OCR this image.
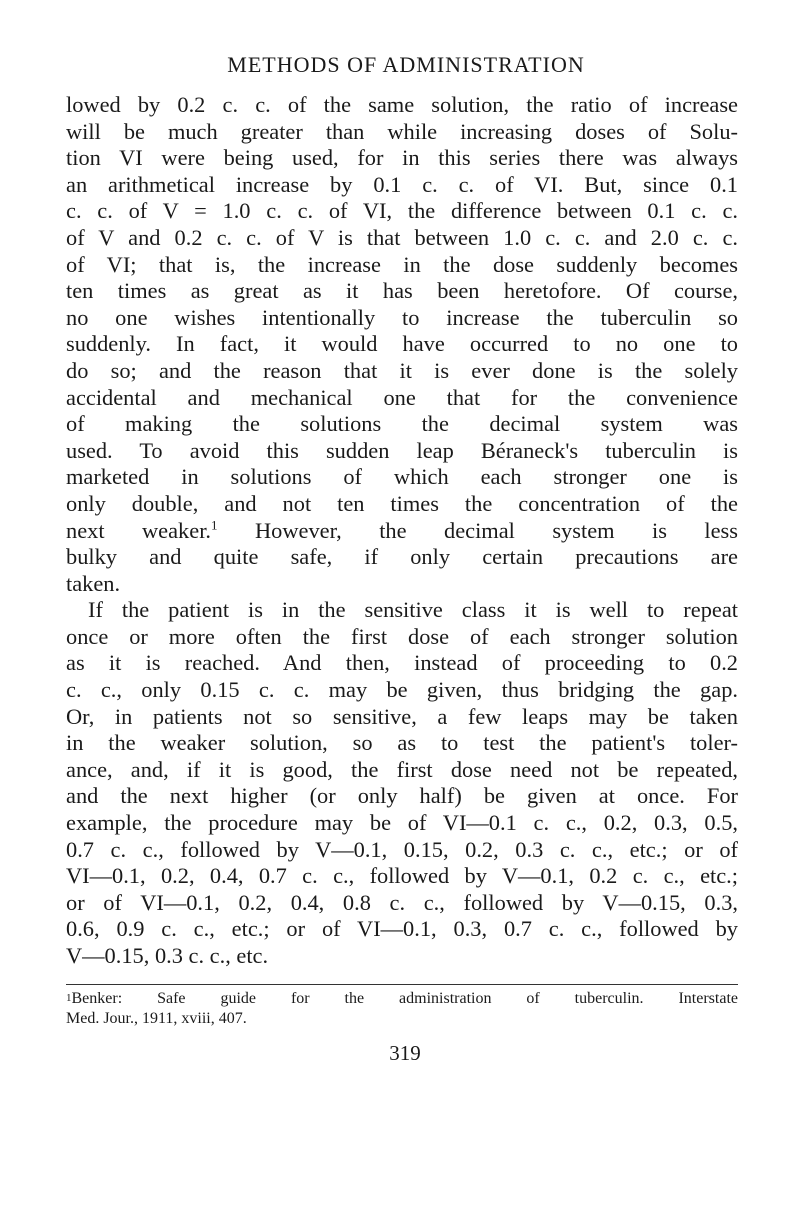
METHODS OF ADMINISTRATION

lowed by 0.2 c. c. of the same solution, the ratio of increase
will be much greater than while increasing doses of Solu-
tion VI were being used, for in this series there was always
an arithmetical increase by 0.1 c. c. of VI. But, since 0.1
c. c. of V = 1.0 c. c. of VI, the difference between 0.1 c. c.
of V and 0.2 c. c. of V is that between 1.0 c. c. and 2.0 c. c.
of VI; that is, the increase in the dose suddenly becomes
ten times as great as it has been heretofore. Of course,
no one wishes intentionally to increase the tuberculin so
suddenly. In fact, it would have occurred to no one to
do so; and the reason that it is ever done is the solely
accidental and mechanical one that for the convenience
of making the solutions the decimal system was
used. To avoid this sudden leap Béraneck's tuberculin is
marketed in solutions of which each stronger one is
only double, and not ten times the concentration of the
next weaker.$^1$ However, the decimal system is less
bulky and quite safe, if only certain precautions are
taken.

If the patient is in the sensitive class it is well to repeat
once or more often the first dose of each stronger solution
as it is reached. And then, instead of proceeding to 0.2
c. c., only 0.15 c. c. may be given, thus bridging the gap.
Or, in patients not so sensitive, a few leaps may be taken
in the weaker solution, so as to test the patient's toler-
ance, and, if it is good, the first dose need not be repeated,
and the next higher (or only half) be given at once. For
example, the procedure may be of VI—0.1 c. c., 0.2, 0.3, 0.5,
0.7 c. c., followed by V—0.1, 0.15, 0.2, 0.3 c. c., etc.; or of
VI—0.1, 0.2, 0.4, 0.7 c. c., followed by V—0.1, 0.2 c. c., etc.;
or of VI—0.1, 0.2, 0.4, 0.8 c. c., followed by V—0.15, 0.3,
0.6, 0.9 c. c., etc.; or of VI—0.1, 0.3, 0.7 c. c., followed by
V—0.15, 0.3 c. c., etc.

$^1$Benker: Safe guide for the administration of tuberculin. Interstate
Med. Jour., 1911, xviii, 407.
319
